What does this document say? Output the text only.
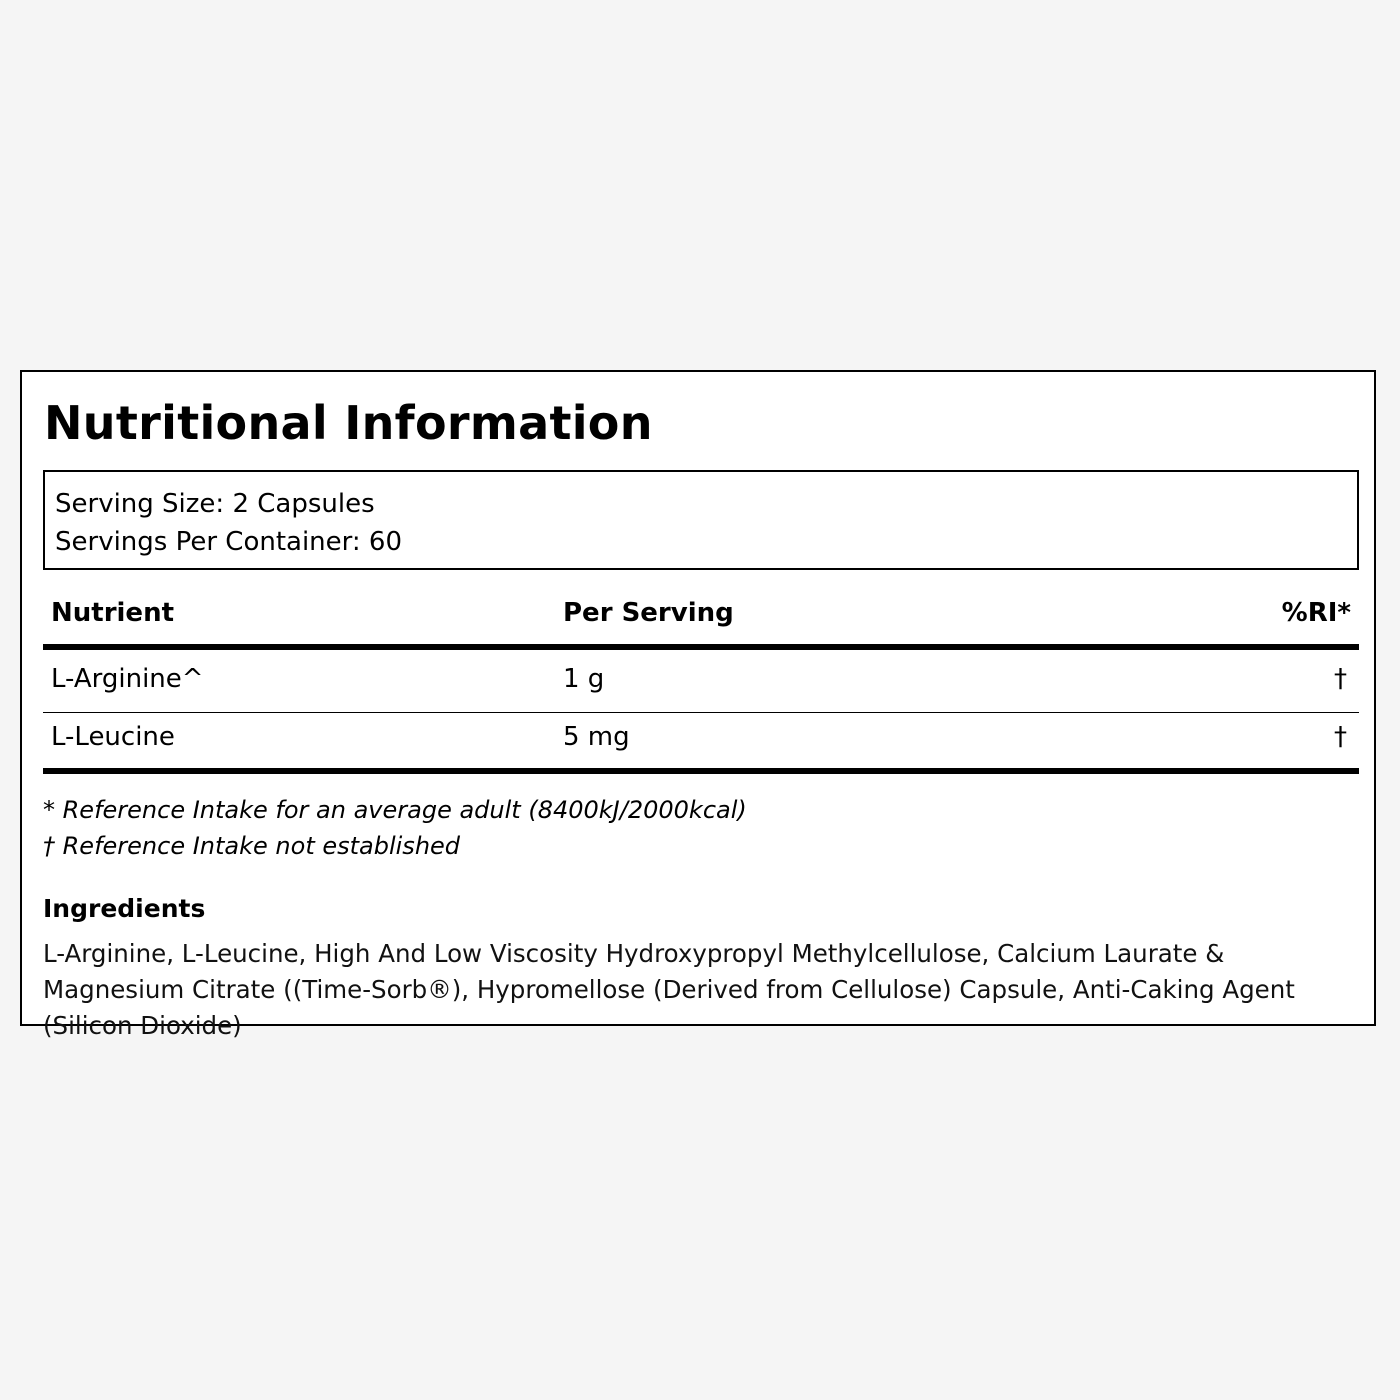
Nutritional Information
Serving Size: 2 Capsules
Servings Per Container: 60
Nutrient	Per Serving	%RI*
L-Arginine^	1 g	†
L-Leucine	5 mg	†
* Reference Intake for an average adult (8400kJ/2000kcal)
† Reference Intake not established
Ingredients
L-Arginine, L-Leucine, High And Low Viscosity Hydroxypropyl Methylcellulose, Calcium Laurate & Magnesium Citrate ((Time-Sorb®), Hypromellose (Derived from Cellulose) Capsule, Anti-Caking Agent (Silicon Dioxide)
